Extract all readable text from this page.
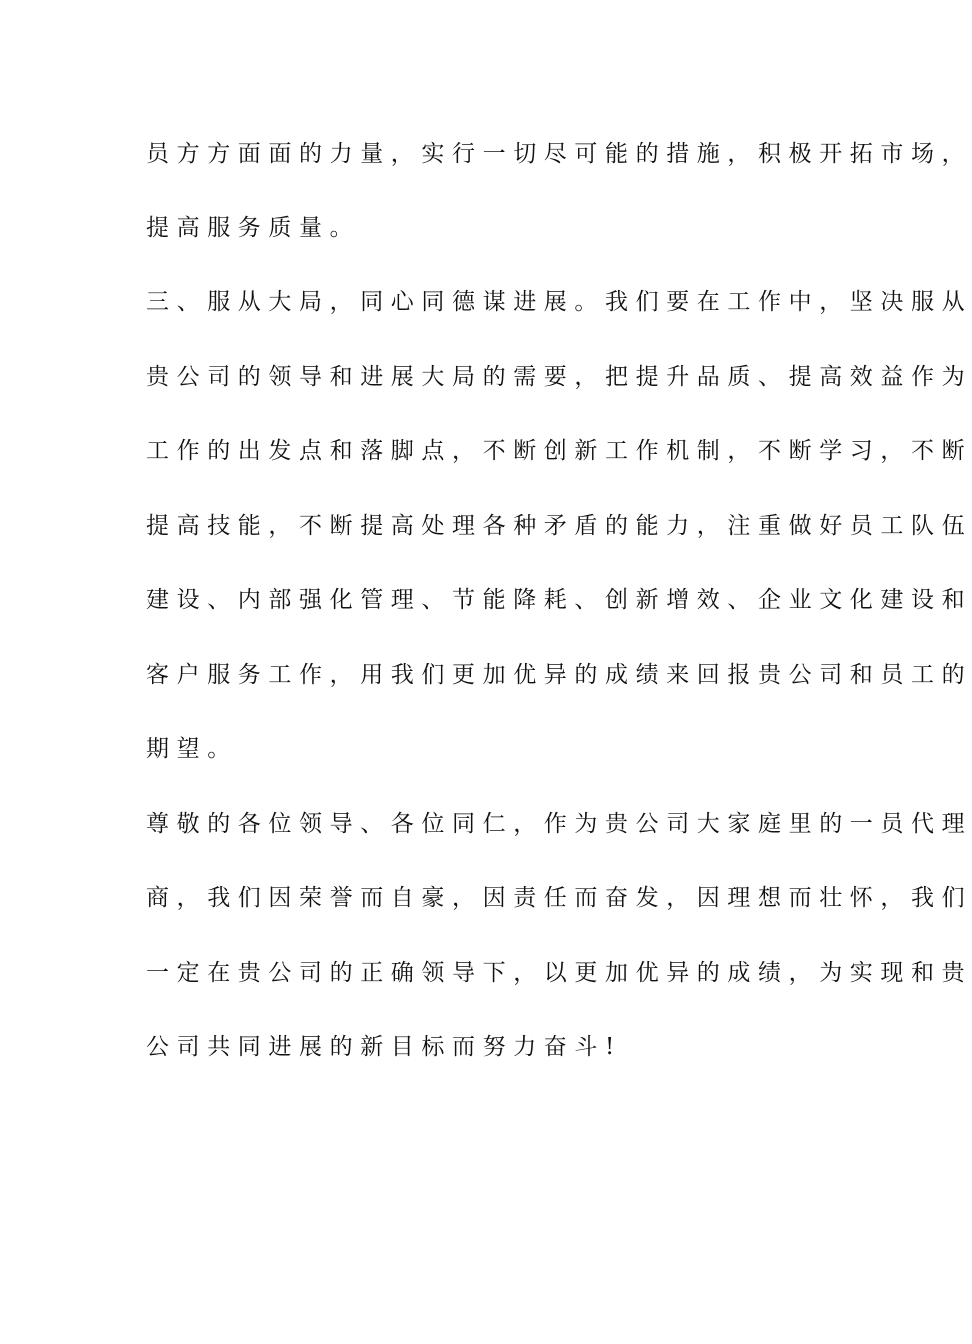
员方方面面的力量，实行一切尽可能的措施，积极开拓市场，
提高服务质量。
三、服从大局，同心同德谋进展。我们要在工作中，坚决服从
贵公司的领导和进展大局的需要，把提升品质、提高效益作为
工作的出发点和落脚点，不断创新工作机制，不断学习，不断
提高技能，不断提高处理各种矛盾的能力，注重做好员工队伍
建设、内部强化管理、节能降耗、创新增效、企业文化建设和
客户服务工作，用我们更加优异的成绩来回报贵公司和员工的
期望。
尊敬的各位领导、各位同仁，作为贵公司大家庭里的一员代理
商，我们因荣誉而自豪，因责任而奋发，因理想而壮怀，我们
一定在贵公司的正确领导下，以更加优异的成绩，为实现和贵
公司共同进展的新目标而努力奋斗!
